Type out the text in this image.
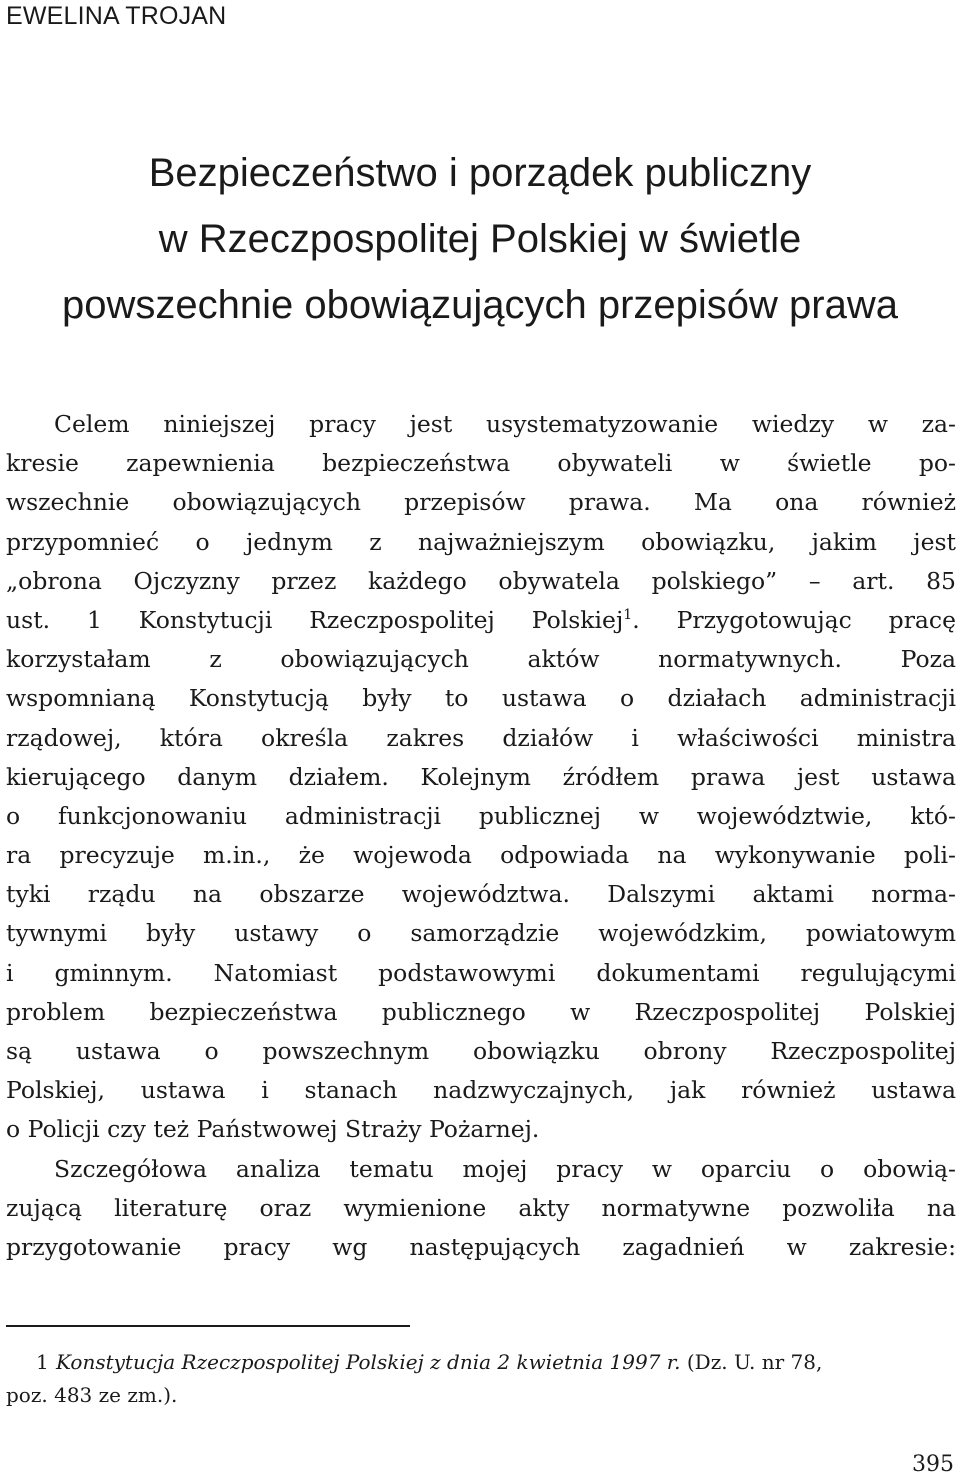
EWELINA TROJAN
Bezpieczeństwo i porządek publiczny
w Rzeczpospolitej Polskiej w świetle
powszechnie obowiązujących przepisów prawa
Celem niniejszej pracy jest usystematyzowanie wiedzy w za-
kresie zapewnienia bezpieczeństwa obywateli w świetle po-
wszechnie obowiązujących przepisów prawa. Ma ona również
przypomnieć o jednym z najważniejszym obowiązku, jakim jest
„obrona Ojczyzny przez każdego obywatela polskiego” – art. 85
ust. 1 Konstytucji Rzeczpospolitej Polskiej$^1$. Przygotowując pracę
korzystałam z obowiązujących aktów normatywnych. Poza
wspomnianą Konstytucją były to ustawa o działach administracji
rządowej, która określa zakres działów i właściwości ministra
kierującego danym działem. Kolejnym źródłem prawa jest ustawa
o funkcjonowaniu administracji publicznej w województwie, któ-
ra precyzuje m.in., że wojewoda odpowiada na wykonywanie poli-
tyki rządu na obszarze województwa. Dalszymi aktami norma-
tywnymi były ustawy o samorządzie wojewódzkim, powiatowym
i gminnym. Natomiast podstawowymi dokumentami regulującymi
problem bezpieczeństwa publicznego w Rzeczpospolitej Polskiej
są ustawa o powszechnym obowiązku obrony Rzeczpospolitej
Polskiej, ustawa i stanach nadzwyczajnych, jak również ustawa
o Policji czy też Państwowej Straży Pożarnej.
Szczegółowa analiza tematu mojej pracy w oparciu o obowią-
zującą literaturę oraz wymienione akty normatywne pozwoliła na
przygotowanie pracy wg następujących zagadnień w zakresie:
1 Konstytucja Rzeczpospolitej Polskiej z dnia 2 kwietnia 1997 r. (Dz. U. nr 78,
poz. 483 ze zm.).
395
